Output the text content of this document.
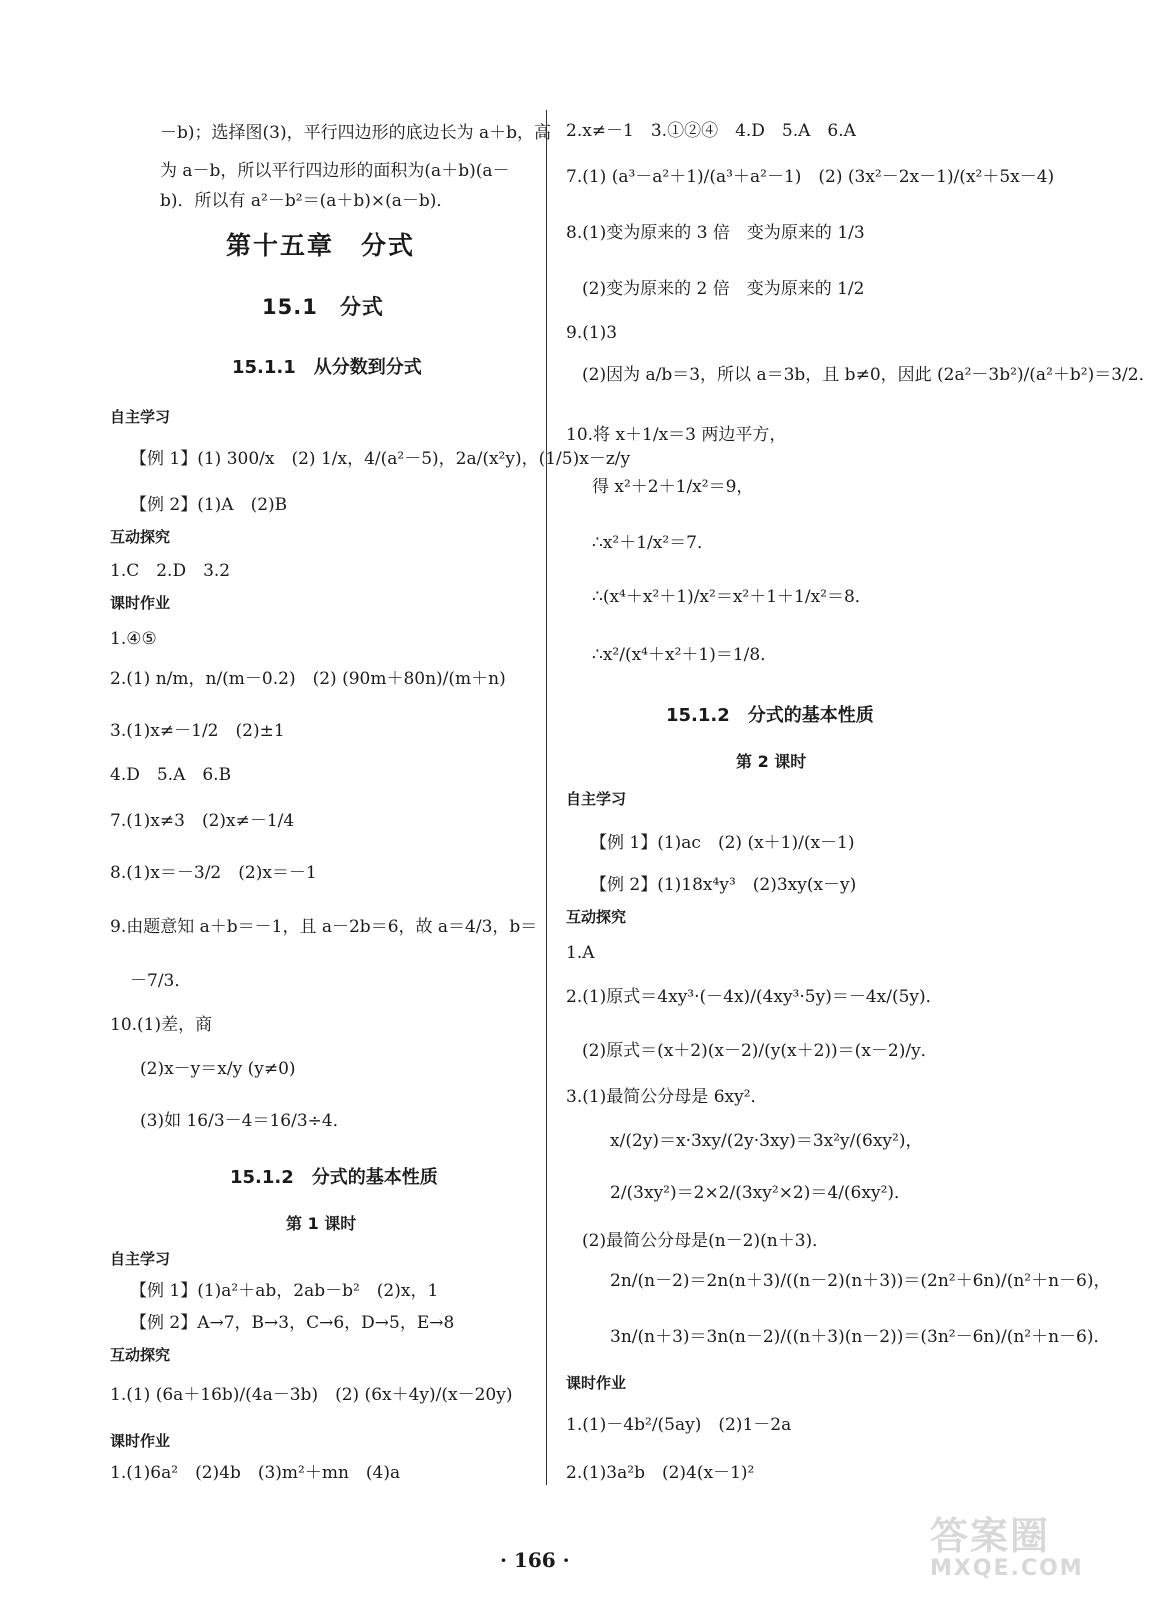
－b)；选择图(3)，平行四边形的底边长为 a＋b，高
为 a－b，所以平行四边形的面积为(a＋b)(a－
b)．所以有 a²－b²＝(a＋b)×(a－b)．
第十五章　分式
15.1　分式
15.1.1　从分数到分式
自主学习
【例 1】(1) 300/x　(2) 1/x，4/(a²－5)，2a/(x²y)，(1/5)x－z/y
【例 2】(1)A　(2)B
互动探究
1.C　2.D　3.2
课时作业
1.④⑤
2.(1) n/m，n/(m－0.2)　(2) (90m＋80n)/(m＋n)
3.(1)x≠－1/2　(2)±1
4.D　5.A　6.B
7.(1)x≠3　(2)x≠－1/4
8.(1)x＝－3/2　(2)x＝－1
9.由题意知 a＋b＝－1，且 a－2b＝6，故 a＝4/3，b＝
－7/3．
10.(1)差，商
(2)x－y＝x/y (y≠0)
(3)如 16/3－4＝16/3÷4．
15.1.2　分式的基本性质
第 1 课时
自主学习
【例 1】(1)a²＋ab，2ab－b²　(2)x，1
【例 2】A→7，B→3，C→6，D→5，E→8
互动探究
1.(1) (6a＋16b)/(4a－3b)　(2) (6x＋4y)/(x－20y)
课时作业
1.(1)6a²　(2)4b　(3)m²＋mn　(4)a
2.x≠－1　3.①②④　4.D　5.A　6.A
7.(1) (a³－a²＋1)/(a³＋a²－1)　(2) (3x²－2x－1)/(x²＋5x－4)
8.(1)变为原来的 3 倍　变为原来的 1/3
(2)变为原来的 2 倍　变为原来的 1/2
9.(1)3
(2)因为 a/b＝3，所以 a＝3b，且 b≠0，因此 (2a²－3b²)/(a²＋b²)＝3/2．
10.将 x＋1/x＝3 两边平方，
得 x²＋2＋1/x²＝9，
∴x²＋1/x²＝7．
∴(x⁴＋x²＋1)/x²＝x²＋1＋1/x²＝8．
∴x²/(x⁴＋x²＋1)＝1/8．
15.1.2　分式的基本性质
第 2 课时
自主学习
【例 1】(1)ac　(2) (x＋1)/(x－1)
【例 2】(1)18x⁴y³　(2)3xy(x－y)
互动探究
1.A
2.(1)原式＝4xy³·(－4x)/(4xy³·5y)＝－4x/(5y)．
(2)原式＝(x＋2)(x－2)/(y(x＋2))＝(x－2)/y．
3.(1)最简公分母是 6xy²．
x/(2y)＝x·3xy/(2y·3xy)＝3x²y/(6xy²)，
2/(3xy²)＝2×2/(3xy²×2)＝4/(6xy²)．
(2)最简公分母是(n－2)(n＋3)．
2n/(n－2)＝2n(n＋3)/((n－2)(n＋3))＝(2n²＋6n)/(n²＋n－6)，
3n/(n＋3)＝3n(n－2)/((n＋3)(n－2))＝(3n²－6n)/(n²＋n－6)．
课时作业
1.(1)－4b²/(5ay)　(2)1－2a
2.(1)3a²b　(2)4(x－1)²
· 166 ·
答案圈
MXQE.COM
